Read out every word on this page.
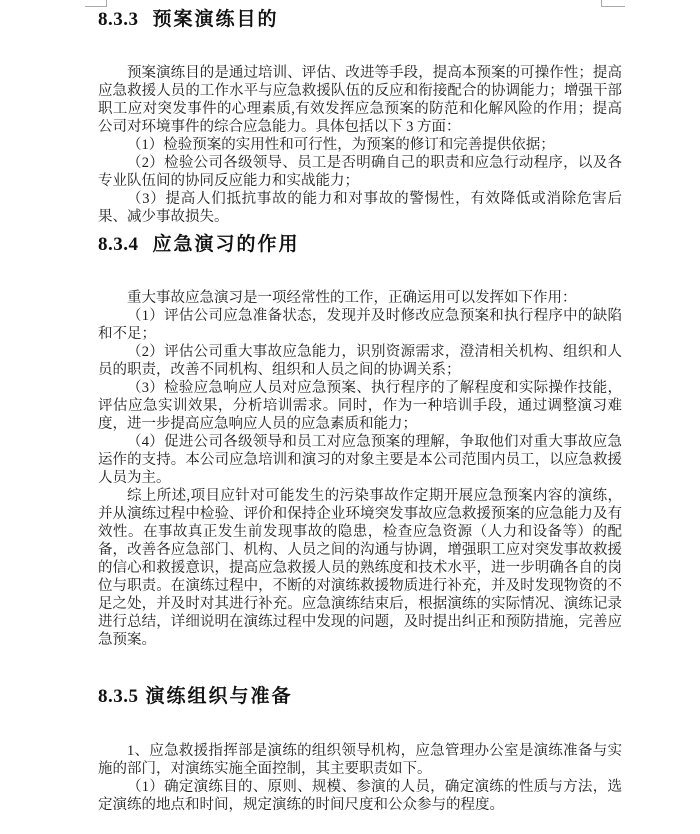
8.3.3 预案演练目的

预案演练目的是通过培训、评估、改进等手段，提高本预案的可操作性；提高应急救援人员的工作水平与应急救援队伍的反应和衔接配合的协调能力；增强干部职工应对突发事件的心理素质,有效发挥应急预案的防范和化解风险的作用；提高公司对环境事件的综合应急能力。具体包括以下 3 方面：

（1）检验预案的实用性和可行性，为预案的修订和完善提供依据；

（2）检验公司各级领导、员工是否明确自己的职责和应急行动程序，以及各专业队伍间的协同反应能力和实战能力；

（3）提高人们抵抗事故的能力和对事故的警惕性，有效降低或消除危害后果、减少事故损失。

8.3.4 应急演习的作用

重大事故应急演习是一项经常性的工作，正确运用可以发挥如下作用：

（1）评估公司应急准备状态，发现并及时修改应急预案和执行程序中的缺陷和不足；

（2）评估公司重大事故应急能力，识别资源需求，澄清相关机构、组织和人员的职责，改善不同机构、组织和人员之间的协调关系；

（3）检验应急响应人员对应急预案、执行程序的了解程度和实际操作技能，评估应急实训效果，分析培训需求。同时，作为一种培训手段，通过调整演习难度，进一步提高应急响应人员的应急素质和能力；

（4）促进公司各级领导和员工对应急预案的理解，争取他们对重大事故应急运作的支持。本公司应急培训和演习的对象主要是本公司范围内员工，以应急救援人员为主。

综上所述,项目应针对可能发生的污染事故作定期开展应急预案内容的演练，并从演练过程中检验、评价和保持企业环境突发事故应急救援预案的应急能力及有效性。在事故真正发生前发现事故的隐患，检查应急资源（人力和设备等）的配备，改善各应急部门、机构、人员之间的沟通与协调，增强职工应对突发事故救援的信心和救援意识，提高应急救援人员的熟练度和技术水平，进一步明确各自的岗位与职责。在演练过程中，不断的对演练救援物质进行补充，并及时发现物资的不足之处，并及时对其进行补充。应急演练结束后，根据演练的实际情况、演练记录进行总结，详细说明在演练过程中发现的问题，及时提出纠正和预防措施，完善应急预案。

8.3.5 演练组织与准备

1、应急救援指挥部是演练的组织领导机构，应急管理办公室是演练准备与实施的部门，对演练实施全面控制，其主要职责如下。

（1）确定演练目的、原则、规模、参演的人员，确定演练的性质与方法，选定演练的地点和时间，规定演练的时间尺度和公众参与的程度。
